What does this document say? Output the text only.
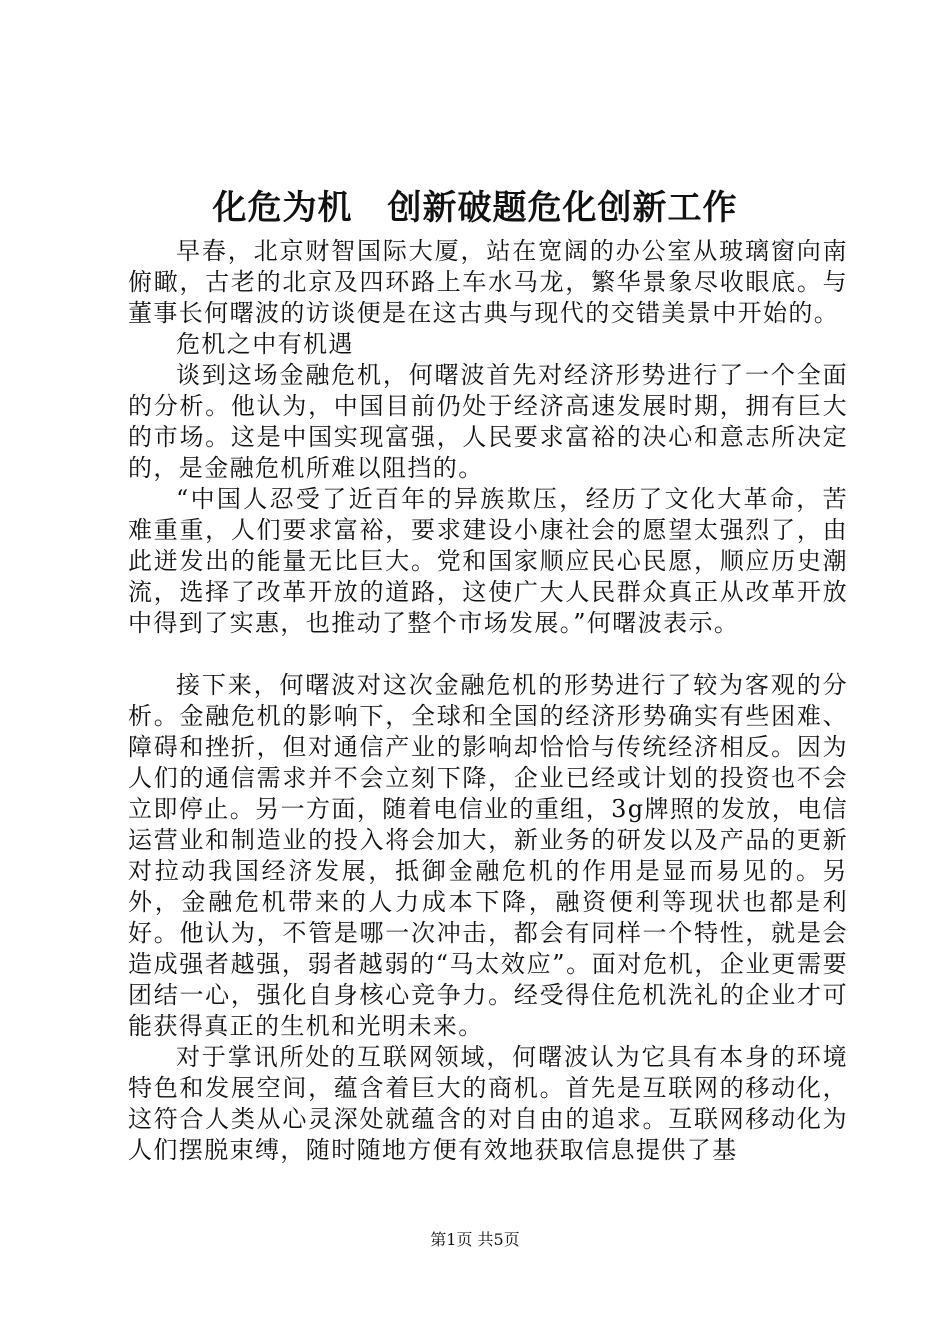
化危为机　创新破题危化创新工作

早春，北京财智国际大厦，站在宽阔的办公室从玻璃窗向南俯瞰，古老的北京及四环路上车水马龙，繁华景象尽收眼底。与董事长何曙波的访谈便是在这古典与现代的交错美景中开始的。

危机之中有机遇

谈到这场金融危机，何曙波首先对经济形势进行了一个全面的分析。他认为，中国目前仍处于经济高速发展时期，拥有巨大的市场。这是中国实现富强，人民要求富裕的决心和意志所决定的，是金融危机所难以阻挡的。

“中国人忍受了近百年的异族欺压，经历了文化大革命，苦难重重，人们要求富裕，要求建设小康社会的愿望太强烈了，由此迸发出的能量无比巨大。党和国家顺应民心民愿，顺应历史潮流，选择了改革开放的道路，这使广大人民群众真正从改革开放中得到了实惠，也推动了整个市场发展。”何曙波表示。

接下来，何曙波对这次金融危机的形势进行了较为客观的分析。金融危机的影响下，全球和全国的经济形势确实有些困难、障碍和挫折，但对通信产业的影响却恰恰与传统经济相反。因为人们的通信需求并不会立刻下降，企业已经或计划的投资也不会立即停止。另一方面，随着电信业的重组，3g牌照的发放，电信运营业和制造业的投入将会加大，新业务的研发以及产品的更新对拉动我国经济发展，抵御金融危机的作用是显而易见的。另外，金融危机带来的人力成本下降，融资便利等现状也都是利好。他认为，不管是哪一次冲击，都会有同样一个特性，就是会造成强者越强，弱者越弱的“马太效应”。面对危机，企业更需要团结一心，强化自身核心竞争力。经受得住危机洗礼的企业才可能获得真正的生机和光明未来。

对于掌讯所处的互联网领域，何曙波认为它具有本身的环境特色和发展空间，蕴含着巨大的商机。首先是互联网的移动化，这符合人类从心灵深处就蕴含的对自由的追求。互联网移动化为人们摆脱束缚，随时随地方便有效地获取信息提供了基

第1页 共5页
